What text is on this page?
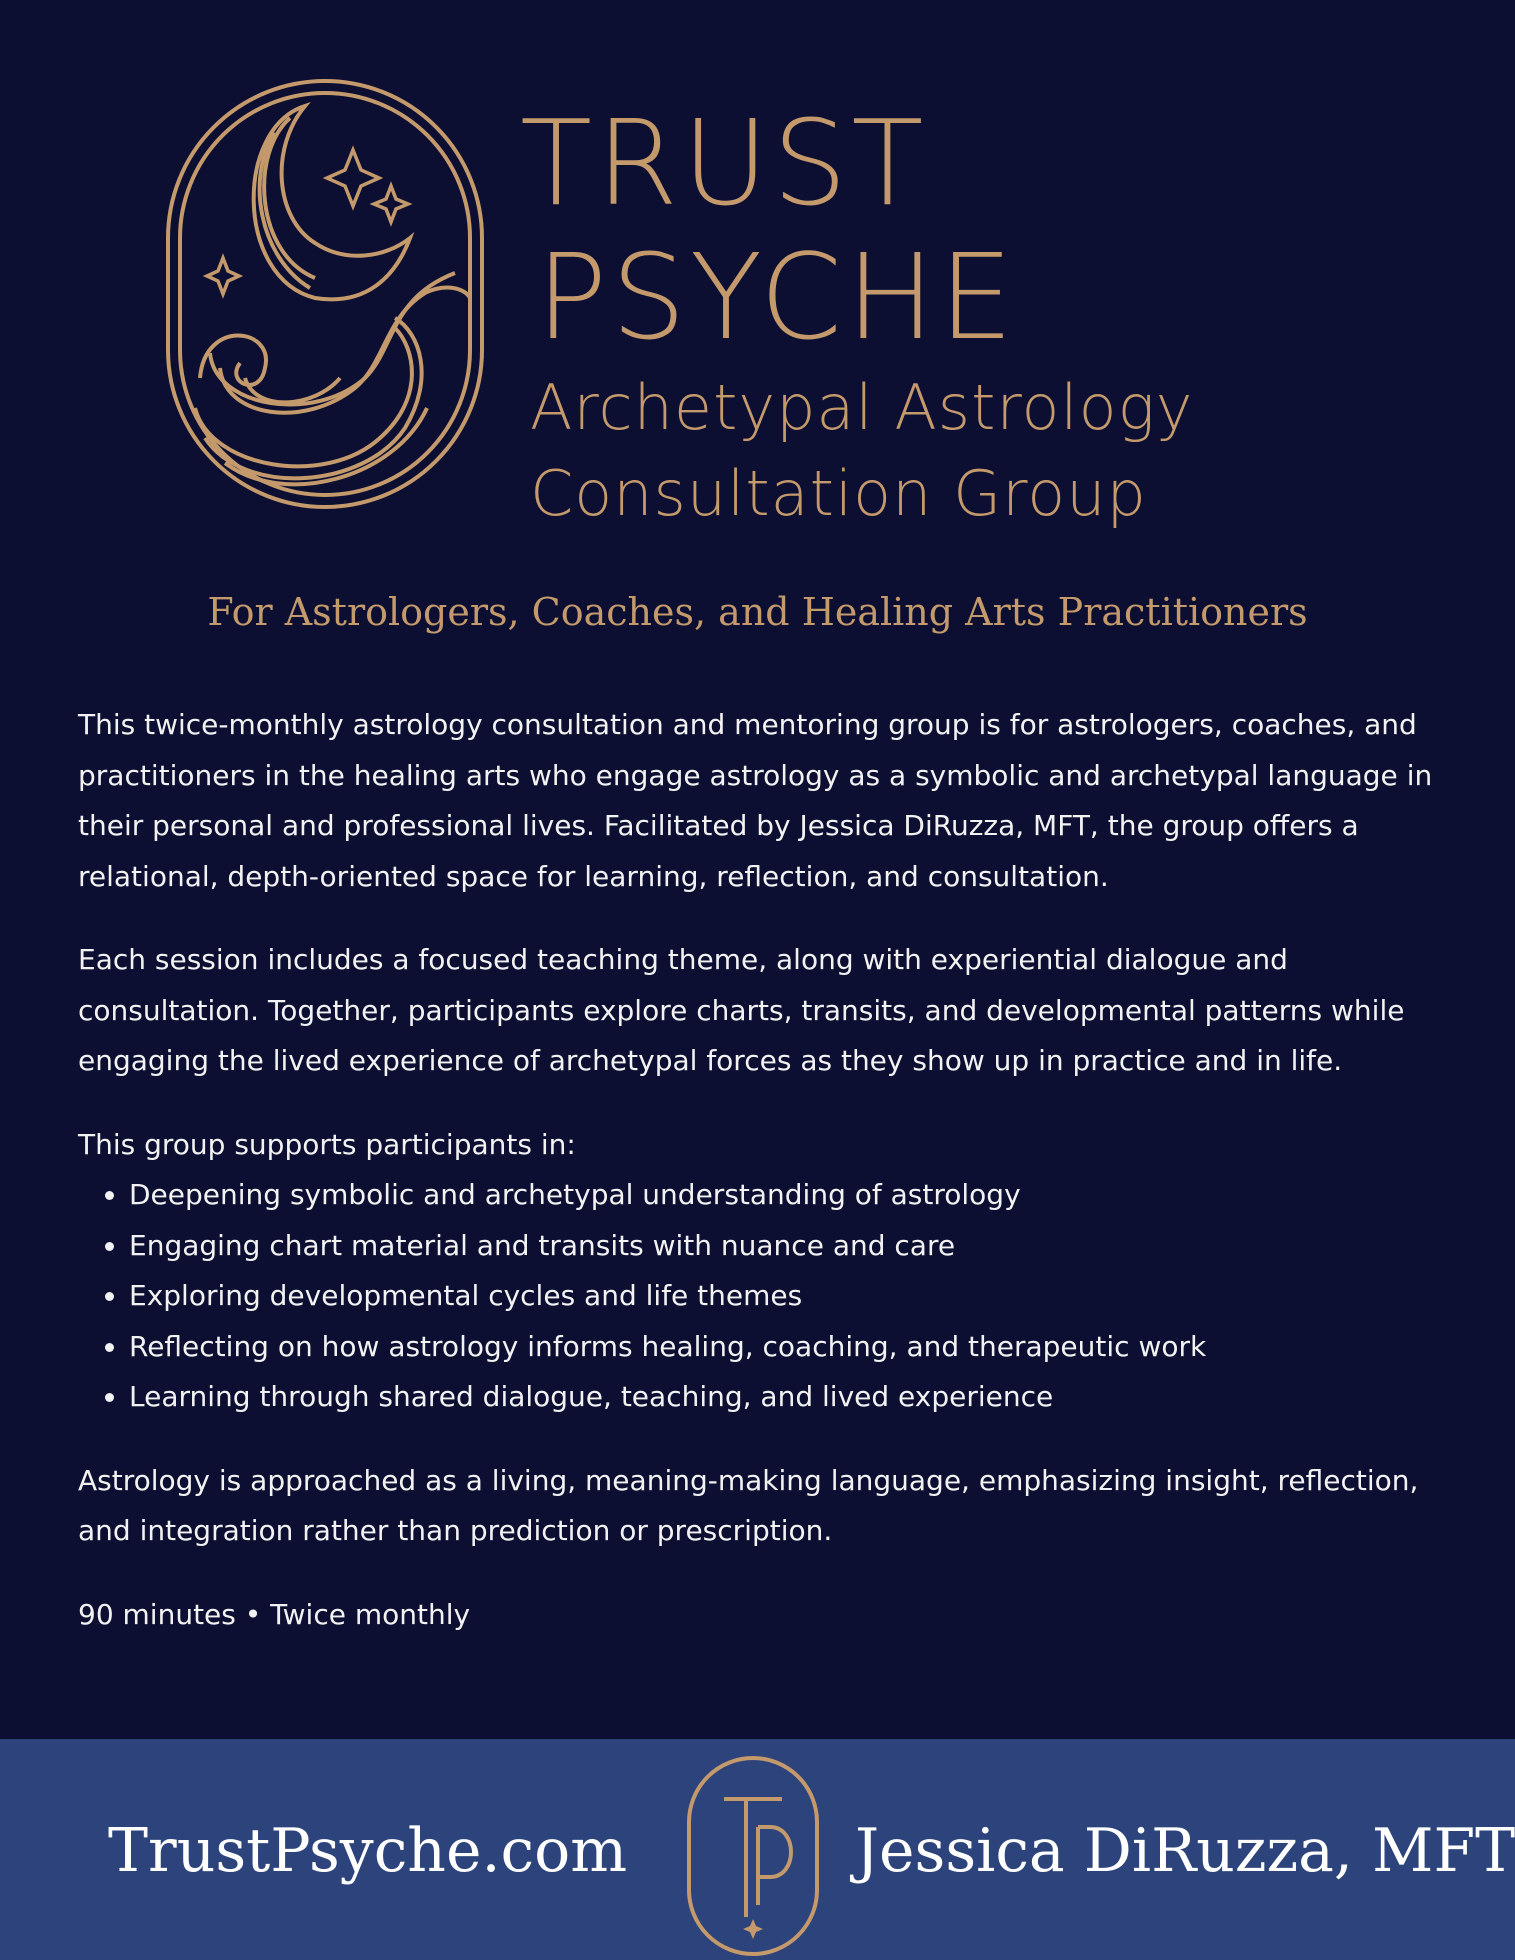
TRUST
PSYCHE
Archetypal Astrology
Consultation Group
For Astrologers, Coaches, and Healing Arts Practitioners

This twice-monthly astrology consultation and mentoring group is for astrologers, coaches, and practitioners in the healing arts who engage astrology as a symbolic and archetypal language in their personal and professional lives. Facilitated by Jessica DiRuzza, MFT, the group offers a relational, depth-oriented space for learning, reflection, and consultation.

Each session includes a focused teaching theme, along with experiential dialogue and consultation. Together, participants explore charts, transits, and developmental patterns while engaging the lived experience of archetypal forces as they show up in practice and in life.

This group supports participants in:

• Deepening symbolic and archetypal understanding of astrology
• Engaging chart material and transits with nuance and care
• Exploring developmental cycles and life themes
• Reflecting on how astrology informs healing, coaching, and therapeutic work
• Learning through shared dialogue, teaching, and lived experience

Astrology is approached as a living, meaning-making language, emphasizing insight, reflection, and integration rather than prediction or prescription.

90 minutes • Twice monthly

TrustPsyche.com	Jessica DiRuzza, MFT
